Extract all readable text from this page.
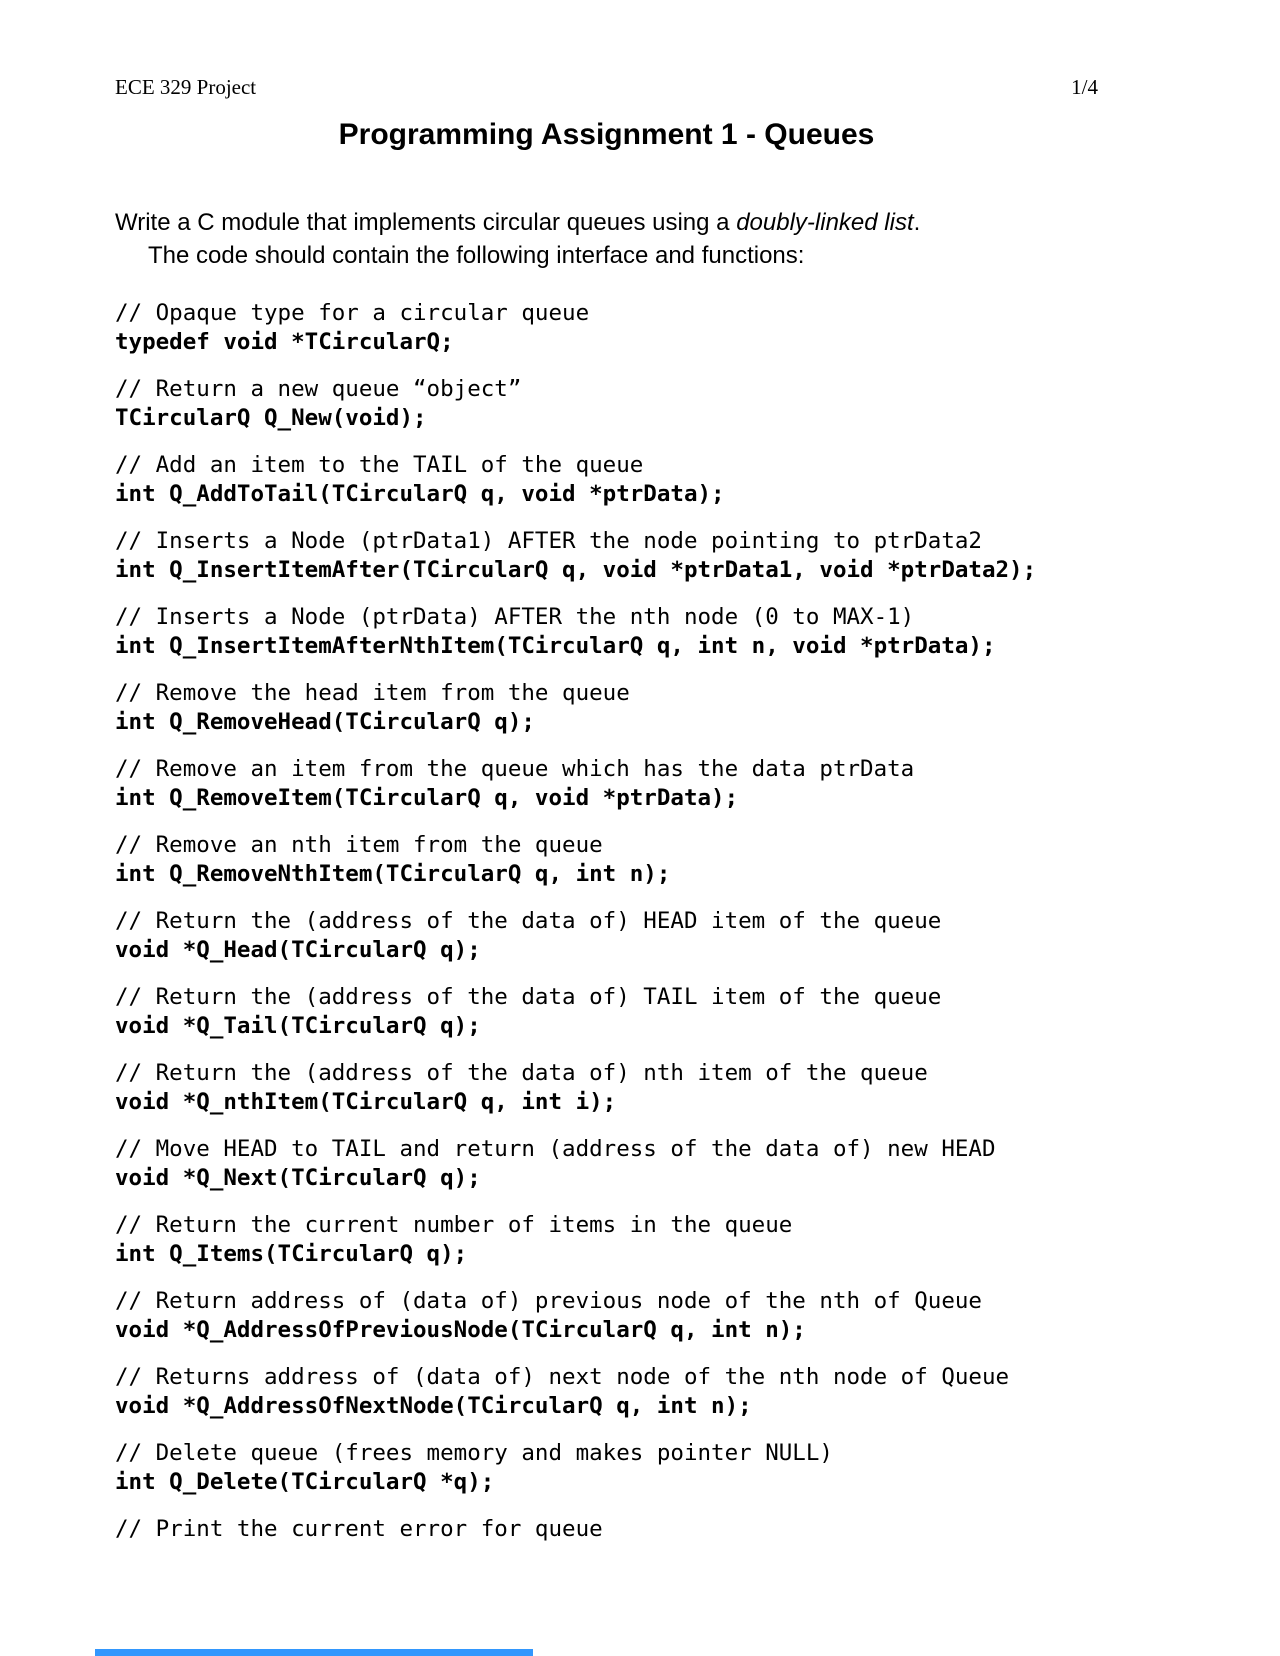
ECE 329 Project	1/4
Programming Assignment 1 - Queues
Write a C module that implements circular queues using a doubly-linked list.
The code should contain the following interface and functions:
// Opaque type for a circular queue
typedef void *TCircularQ;
// Return a new queue “object”
TCircularQ Q_New(void);
// Add an item to the TAIL of the queue
int Q_AddToTail(TCircularQ q, void *ptrData);
// Inserts a Node (ptrData1) AFTER the node pointing to ptrData2
int Q_InsertItemAfter(TCircularQ q, void *ptrData1, void *ptrData2);
// Inserts a Node (ptrData) AFTER the nth node (0 to MAX-1)
int Q_InsertItemAfterNthItem(TCircularQ q, int n, void *ptrData);
// Remove the head item from the queue
int Q_RemoveHead(TCircularQ q);
// Remove an item from the queue which has the data ptrData
int Q_RemoveItem(TCircularQ q, void *ptrData);
// Remove an nth item from the queue
int Q_RemoveNthItem(TCircularQ q, int n);
// Return the (address of the data of) HEAD item of the queue
void *Q_Head(TCircularQ q);
// Return the (address of the data of) TAIL item of the queue
void *Q_Tail(TCircularQ q);
// Return the (address of the data of) nth item of the queue
void *Q_nthItem(TCircularQ q, int i);
// Move HEAD to TAIL and return (address of the data of) new HEAD
void *Q_Next(TCircularQ q);
// Return the current number of items in the queue
int Q_Items(TCircularQ q);
// Return address of (data of) previous node of the nth of Queue
void *Q_AddressOfPreviousNode(TCircularQ q, int n);
// Returns address of (data of) next node of the nth node of Queue
void *Q_AddressOfNextNode(TCircularQ q, int n);
// Delete queue (frees memory and makes pointer NULL)
int Q_Delete(TCircularQ *q);
// Print the current error for queue
